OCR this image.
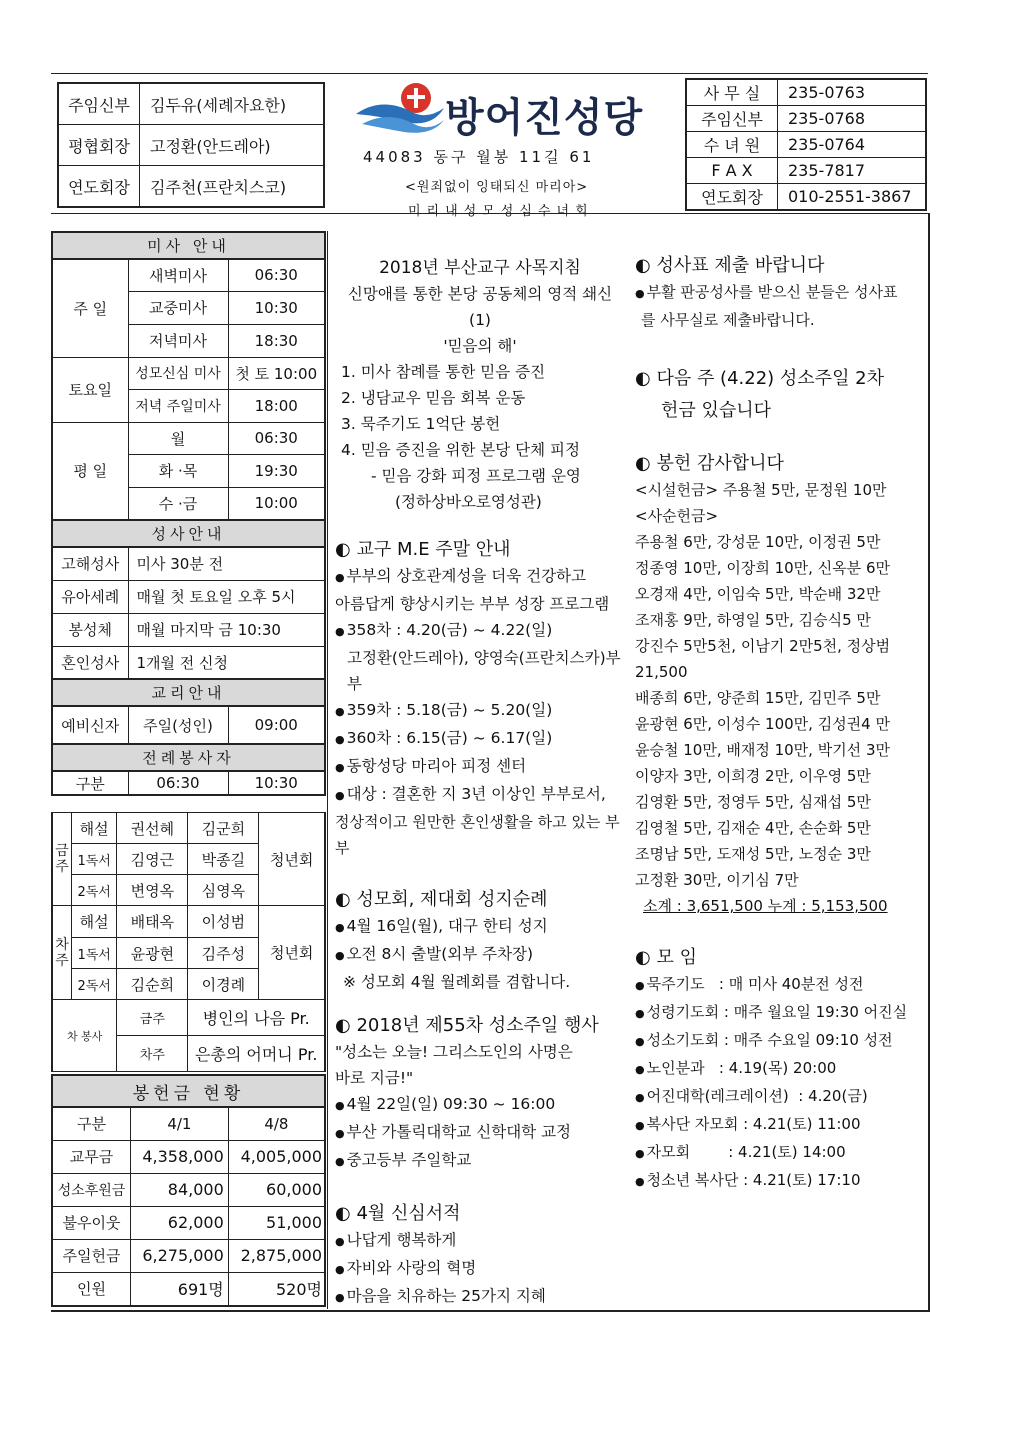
주임신부	김두유(세례자요한)
평협회장	고정환(안드레아)
연도회장	김주천(프란치스코)
방어진성당
44083 동구 월봉 11길 61
<원죄없이 잉태되신 마리아>
미리내성모성심수녀회
사 무 실	235-0763
주임신부	235-0768
수 녀 원	235-0764
F A X	235-7817
연도회장	010-2551-3867
미사 안내		
주 일	새벽미사	06:30
	교중미사	10:30
	저녁미사	18:30
토요일	성모신심 미사	첫 토 10:00
	저녁 주일미사	18:00
평 일	월	06:30
	화 ·목	19:30
	수 ·금	10:00
성사안내		
고해성사	미사 30분 전	
유아세례	매월 첫 토요일 오후 5시	
봉성체	매월 마지막 금 10:30	
혼인성사	1개월 전 신청	
교리안내		
예비신자	주일(성인)	09:00
전례봉사자		
구분	06:30	10:30
금 주	해설	권선혜	김군희	청년회
	1독서	김영근	박종길	
	2독서	변영옥	심영옥	
차 주	해설	배태옥	이성범	청년회
	1독서	윤광현	김주성	
	2독서	김순희	이경례	
차 봉사		금주	병인의 나음 Pr.	
		차주	은총의 어머니 Pr.	
봉헌금 현황		
구분	4/1	4/8
교무금	4,358,000	4,005,000
성소후원금	84,000	60,000
불우이웃	62,000	51,000
주일헌금	6,275,000	2,875,000
인원	691명	520명
2018년 부산교구 사목지침
신망애를 통한 본당 공동체의 영적 쇄신 (1)
'믿음의 해'
1. 미사 참례를 통한 믿음 증진
2. 냉담교우 믿음 회복 운동
3. 묵주기도 1억단 봉헌
4. 믿음 증진을 위한 본당 단체 피정
- 믿음 강화 피정 프로그램 운영
(정하상바오로영성관)
◐ 교구 M.E 주말 안내
● 부부의 상호관계성을 더욱 건강하고
아름답게 향상시키는 부부 성장 프로그램
● 358차 : 4.20(금) ~ 4.22(일)
고정환(안드레아), 양영숙(프란치스카)부부
● 359차 : 5.18(금) ~ 5.20(일)
● 360차 : 6.15(금) ~ 6.17(일)
● 동항성당 마리아 피정 센터
● 대상 : 결혼한 지 3년 이상인 부부로서,
정상적이고 원만한 혼인생활을 하고 있는 부부
◐ 성모회, 제대회 성지순례
● 4월 16일(월), 대구 한티 성지
● 오전 8시 출발(외부 주차장)
※ 성모회 4월 월례회를 겸합니다.
◐ 2018년 제55차 성소주일 행사
"성소는 오늘! 그리스도인의 사명은
바로 지금!"
● 4월 22일(일) 09:30 ~ 16:00
● 부산 가톨릭대학교 신학대학 교정
● 중고등부 주일학교
◐ 4월 신심서적
● 나답게 행복하게
● 자비와 사랑의 혁명
● 마음을 치유하는 25가지 지혜
◐ 성사표 제출 바랍니다
● 부활 판공성사를 받으신 분들은 성사표
를 사무실로 제출바랍니다.
◐ 다음 주 (4.22) 성소주일 2차
헌금 있습니다
◐ 봉헌 감사합니다
<시설헌금> 주용철 5만, 문정원 10만
<사순헌금>
주용철 6만, 강성문 10만, 이정권 5만
정종영 10만, 이장희 10만, 신옥분 6만
오경재 4만, 이임숙 5만, 박순배 32만
조재홍 9만, 하영일 5만, 김승식5 만
강진수 5만5천, 이남기 2만5천, 정상범 21,500
배종희 6만, 양준희 15만, 김민주 5만
윤광현 6만, 이성수 100만, 김성권4 만
윤승철 10만, 배재정 10만, 박기선 3만
이양자 3만, 이희경 2만, 이우영 5만
김영환 5만, 정영두 5만, 심재섭 5만
김영철 5만, 김재순 4만, 손순화 5만
조명남 5만, 도재성 5만, 노정순 3만
고정환 30만, 이기심 7만
소계 : 3,651,500 누계 : 5,153,500
◐ 모 임
● 묵주기도   : 매 미사 40분전 성전
● 성령기도회 : 매주 월요일 19:30 어진실
● 성소기도회 : 매주 수요일 09:10 성전
● 노인분과   : 4.19(목) 20:00
● 어진대학(레크레이션)  : 4.20(금)
● 복사단 자모회 : 4.21(토) 11:00
● 자모회        : 4.21(토) 14:00
● 청소년 복사단 : 4.21(토) 17:10
